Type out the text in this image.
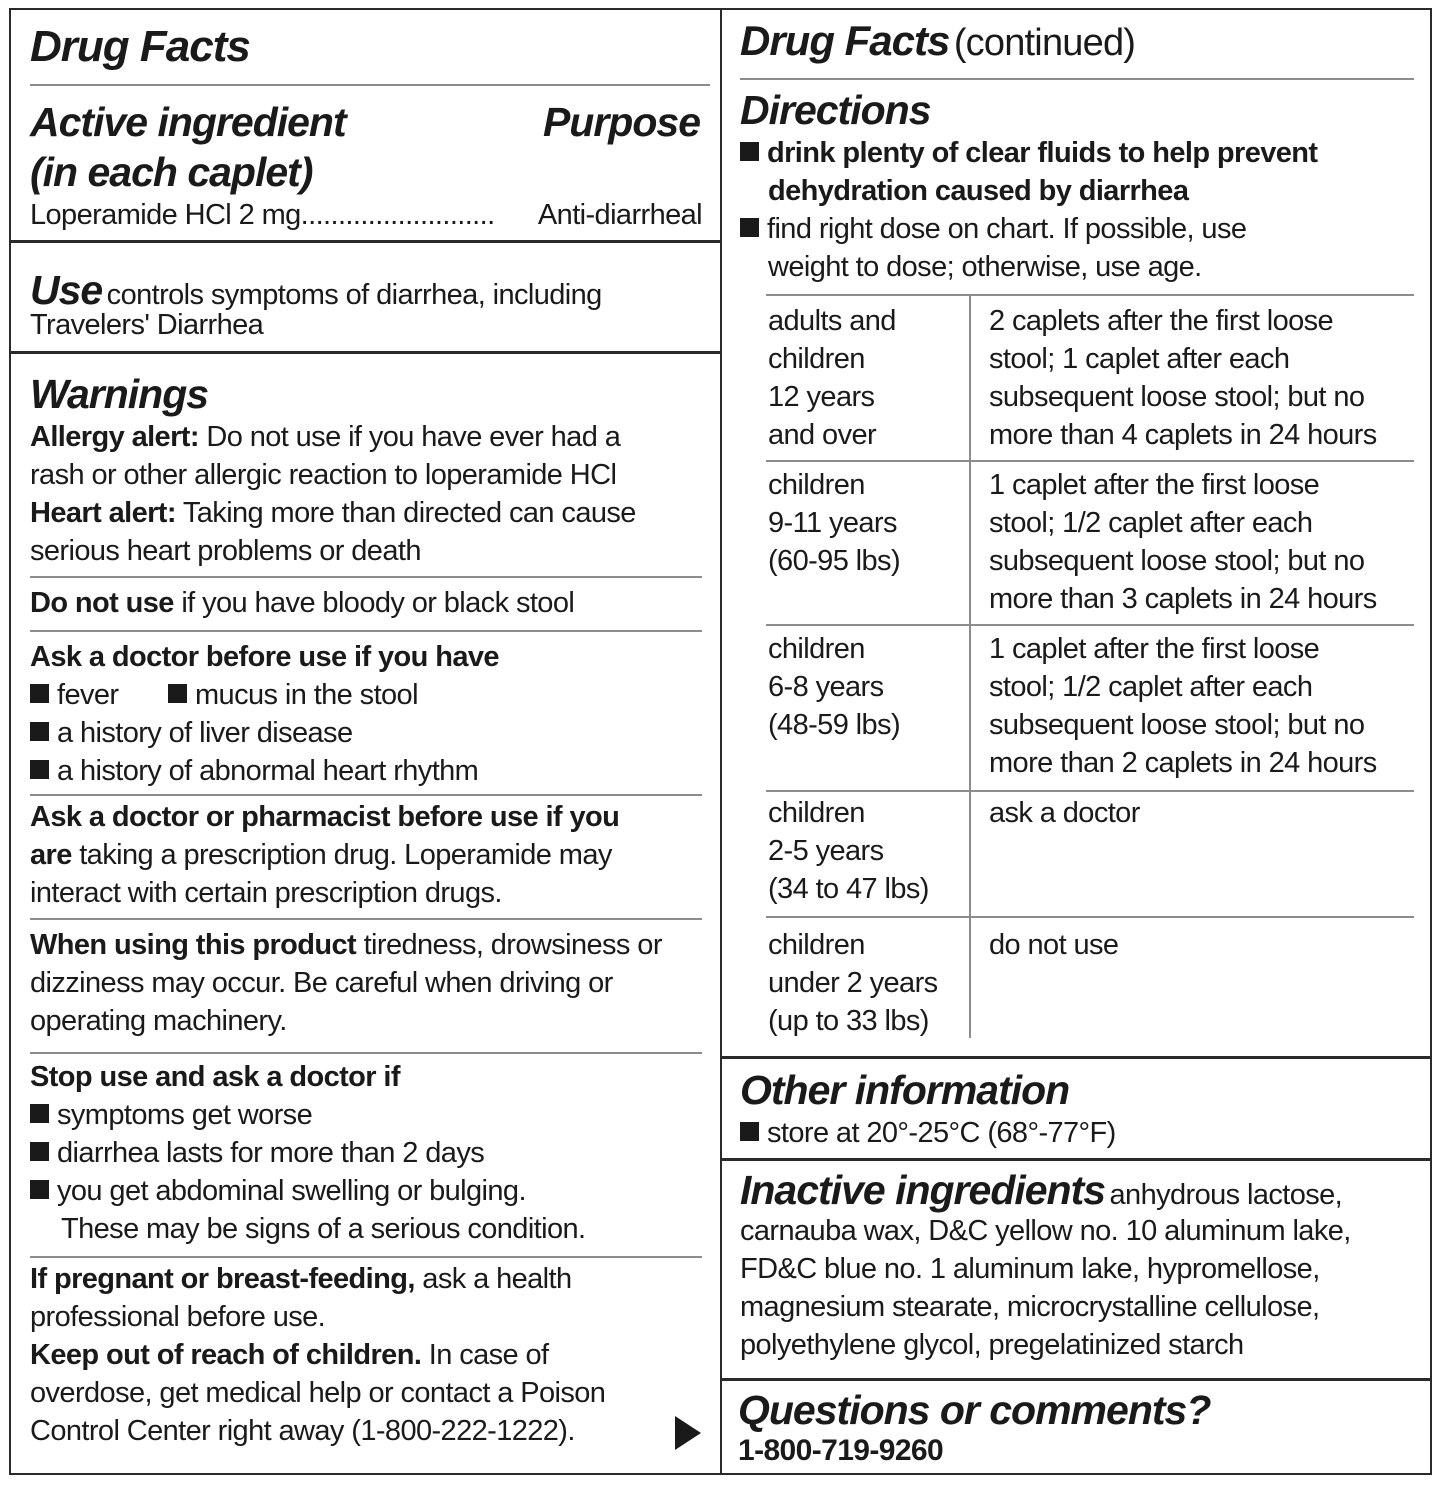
Drug Facts
Active ingredient
(in each caplet)
Purpose
Loperamide HCl 2 mg ..........................	Anti-diarrheal
Use controls symptoms of diarrhea, including
Travelers' Diarrhea
Warnings
Allergy alert: Do not use if you have ever had a
rash or other allergic reaction to loperamide HCl
Heart alert: Taking more than directed can cause
serious heart problems or death
Do not use if you have bloody or black stool
Ask a doctor before use if you have
fever	mucus in the stool
a history of liver disease
a history of abnormal heart rhythm
Ask a doctor or pharmacist before use if you
are taking a prescription drug. Loperamide may
interact with certain prescription drugs.
When using this product tiredness, drowsiness or
dizziness may occur. Be careful when driving or
operating machinery.
Stop use and ask a doctor if
symptoms get worse
diarrhea lasts for more than 2 days
you get abdominal swelling or bulging.
These may be signs of a serious condition.
If pregnant or breast-feeding, ask a health
professional before use.
Keep out of reach of children. In case of
overdose, get medical help or contact a Poison
Control Center right away (1-800-222-1222).
Drug Facts (continued)
Directions
drink plenty of clear fluids to help prevent
dehydration caused by diarrhea
find right dose on chart. If possible, use
weight to dose; otherwise, use age.
adults and
children
12 years
and over
2 caplets after the first loose
stool; 1 caplet after each
subsequent loose stool; but no
more than 4 caplets in 24 hours
children
9-11 years
(60-95 lbs)
1 caplet after the first loose
stool; 1/2 caplet after each
subsequent loose stool; but no
more than 3 caplets in 24 hours
children
6-8 years
(48-59 lbs)
1 caplet after the first loose
stool; 1/2 caplet after each
subsequent loose stool; but no
more than 2 caplets in 24 hours
children
2-5 years
(34 to 47 lbs)
ask a doctor
children
under 2 years
(up to 33 lbs)
do not use
Other information
store at 20°-25°C (68°-77°F)
Inactive ingredients anhydrous lactose,
carnauba wax, D&C yellow no. 10 aluminum lake,
FD&C blue no. 1 aluminum lake, hypromellose,
magnesium stearate, microcrystalline cellulose,
polyethylene glycol, pregelatinized starch
Questions or comments?
1-800-719-9260
